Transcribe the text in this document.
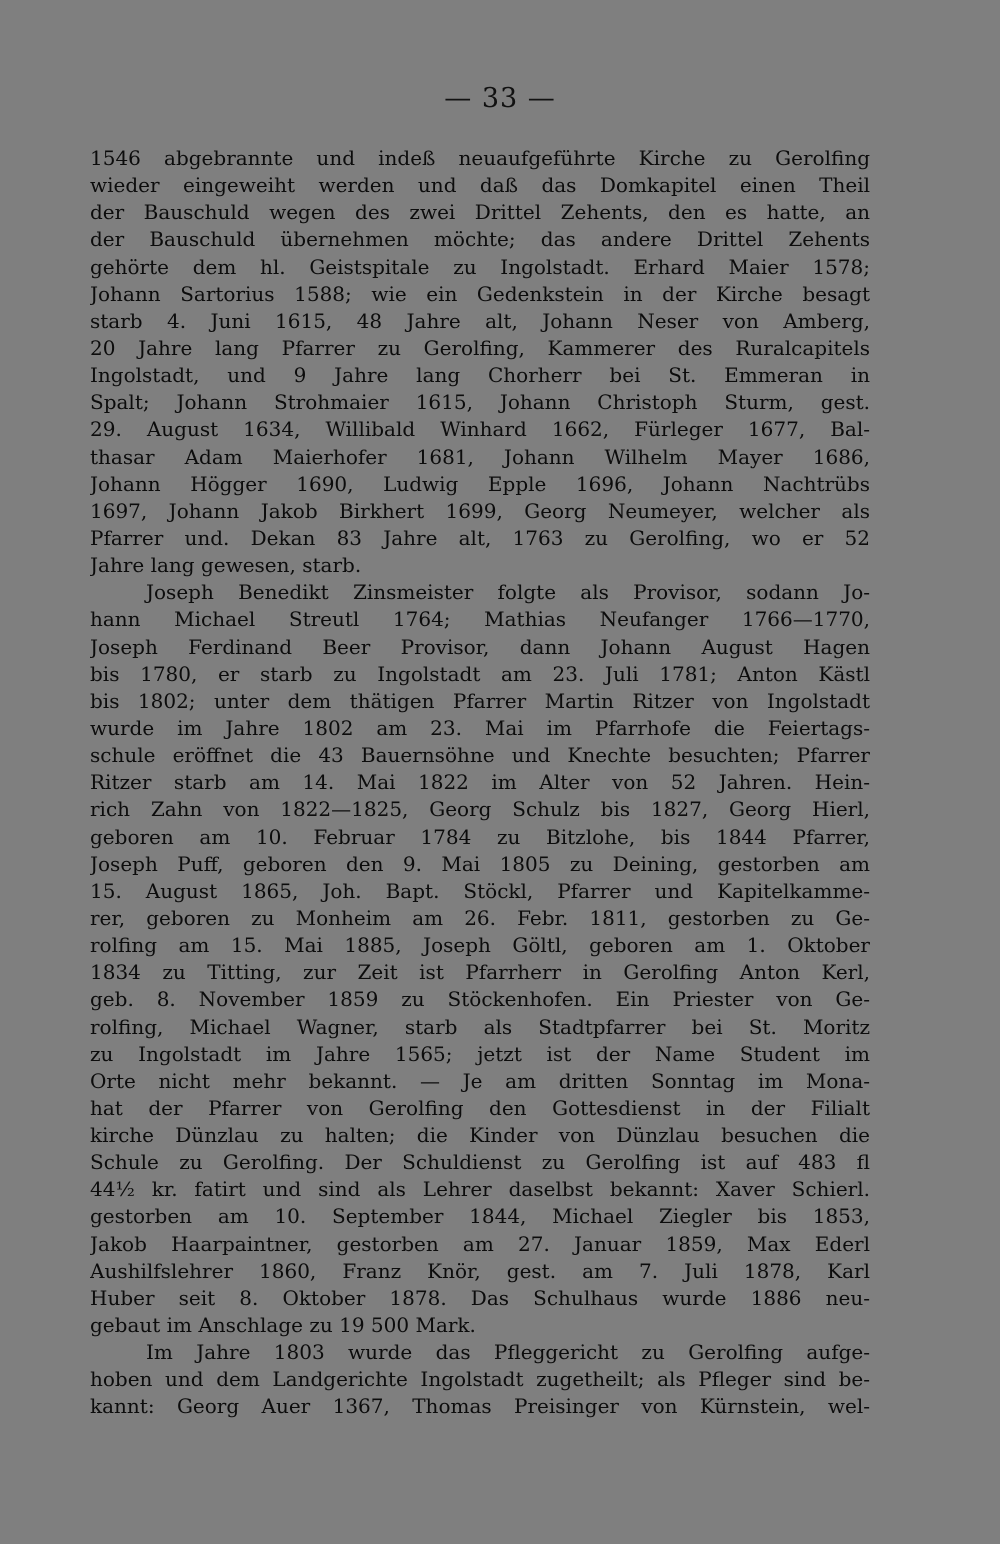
— 33 —
1546 abgebrannte und indeß neuaufgeführte Kirche zu Gerolfing
wieder eingeweiht werden und daß das Domkapitel einen Theil
der Bauschuld wegen des zwei Drittel Zehents, den es hatte, an
der Bauschuld übernehmen möchte; das andere Drittel Zehents
gehörte dem hl. Geistspitale zu Ingolstadt. Erhard Maier 1578;
Johann Sartorius 1588; wie ein Gedenkstein in der Kirche besagt
starb 4. Juni 1615, 48 Jahre alt, Johann Neser von Amberg,
20 Jahre lang Pfarrer zu Gerolfing, Kammerer des Ruralcapitels
Ingolstadt, und 9 Jahre lang Chorherr bei St. Emmeran in
Spalt; Johann Strohmaier 1615, Johann Christoph Sturm, gest.
29. August 1634, Willibald Winhard 1662, Fürleger 1677, Bal-
thasar Adam Maierhofer 1681, Johann Wilhelm Mayer 1686,
Johann Högger 1690, Ludwig Epple 1696, Johann Nachtrübs
1697, Johann Jakob Birkhert 1699, Georg Neumeyer, welcher als
Pfarrer und. Dekan 83 Jahre alt, 1763 zu Gerolfing, wo er 52
Jahre lang gewesen, starb.
Joseph Benedikt Zinsmeister folgte als Provisor, sodann Jo-
hann Michael Streutl 1764; Mathias Neufanger 1766—1770,
Joseph Ferdinand Beer Provisor, dann Johann August Hagen
bis 1780, er starb zu Ingolstadt am 23. Juli 1781; Anton Kästl
bis 1802; unter dem thätigen Pfarrer Martin Ritzer von Ingolstadt
wurde im Jahre 1802 am 23. Mai im Pfarrhofe die Feiertags-
schule eröffnet die 43 Bauernsöhne und Knechte besuchten; Pfarrer
Ritzer starb am 14. Mai 1822 im Alter von 52 Jahren. Hein-
rich Zahn von 1822—1825, Georg Schulz bis 1827, Georg Hierl,
geboren am 10. Februar 1784 zu Bitzlohe, bis 1844 Pfarrer,
Joseph Puff, geboren den 9. Mai 1805 zu Deining, gestorben am
15. August 1865, Joh. Bapt. Stöckl, Pfarrer und Kapitelkamme-
rer, geboren zu Monheim am 26. Febr. 1811, gestorben zu Ge-
rolfing am 15. Mai 1885, Joseph Göltl, geboren am 1. Oktober
1834 zu Titting, zur Zeit ist Pfarrherr in Gerolfing Anton Kerl,
geb. 8. November 1859 zu Stöckenhofen. Ein Priester von Ge-
rolfing, Michael Wagner, starb als Stadtpfarrer bei St. Moritz
zu Ingolstadt im Jahre 1565; jetzt ist der Name Student im
Orte nicht mehr bekannt. — Je am dritten Sonntag im Mona-
hat der Pfarrer von Gerolfing den Gottesdienst in der Filialt
kirche Dünzlau zu halten; die Kinder von Dünzlau besuchen die
Schule zu Gerolfing. Der Schuldienst zu Gerolfing ist auf 483 fl
44½ kr. fatirt und sind als Lehrer daselbst bekannt: Xaver Schierl.
gestorben am 10. September 1844, Michael Ziegler bis 1853,
Jakob Haarpaintner, gestorben am 27. Januar 1859, Max Ederl
Aushilfslehrer 1860, Franz Knör, gest. am 7. Juli 1878, Karl
Huber seit 8. Oktober 1878. Das Schulhaus wurde 1886 neu-
gebaut im Anschlage zu 19 500 Mark.
Im Jahre 1803 wurde das Pfleggericht zu Gerolfing aufge-
hoben und dem Landgerichte Ingolstadt zugetheilt; als Pfleger sind be-
kannt: Georg Auer 1367, Thomas Preisinger von Kürnstein, wel-
